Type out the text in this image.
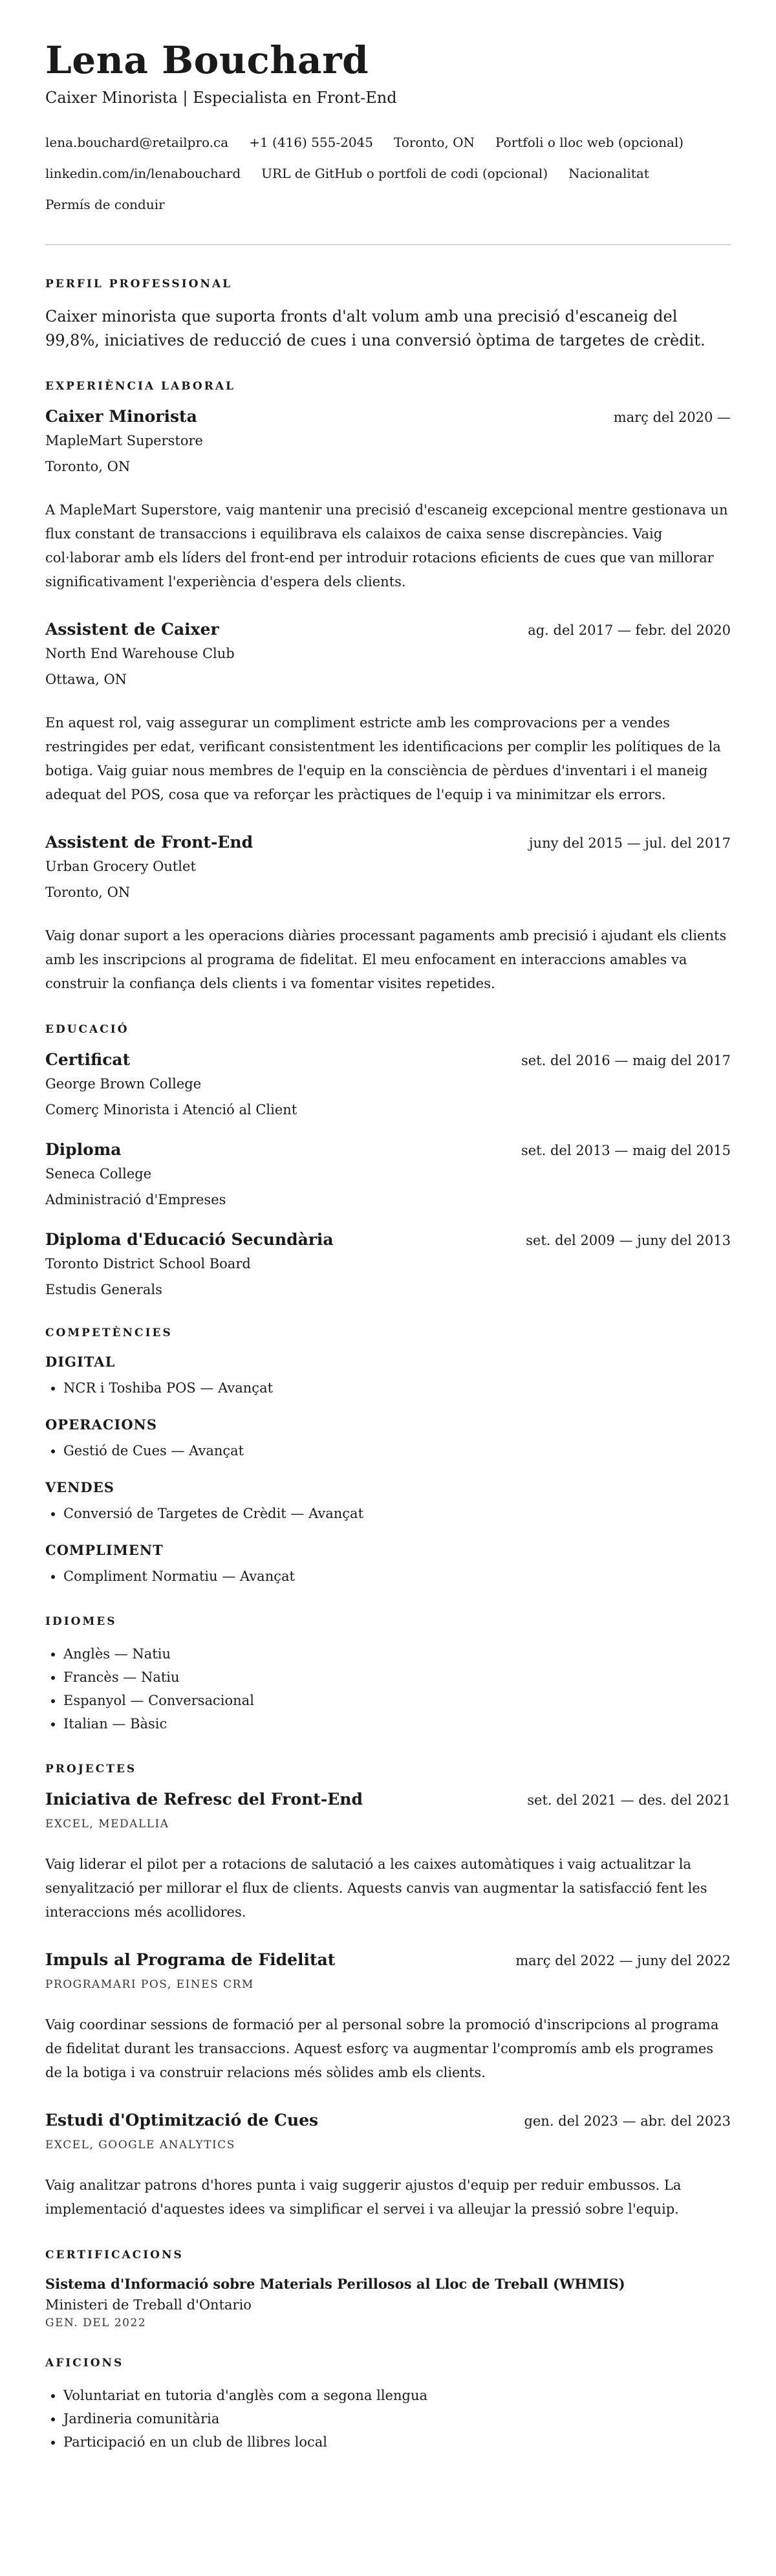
Lena Bouchard
Caixer Minorista | Especialista en Front-End
lena.bouchard@retailpro.ca +1 (416) 555-2045 Toronto, ON Portfoli o lloc web (opcional)
linkedin.com/in/lenabouchard URL de GitHub o portfoli de codi (opcional) Nacionalitat
Permís de conduir
PERFIL PROFESSIONAL

Caixer minorista que suporta fronts d'alt volum amb una precisió d'escaneig del 99,8%, iniciatives de reducció de cues i una conversió òptima de targetes de crèdit.

EXPERIÈNCIA LABORAL
Caixer Minorista	març del 2020 —
MapleMart Superstore
Toronto, ON

A MapleMart Superstore, vaig mantenir una precisió d'escaneig excepcional mentre gestionava un flux constant de transaccions i equilibrava els calaixos de caixa sense discrepàncies. Vaig col·laborar amb els líders del front-end per introduir rotacions eficients de cues que van millorar significativament l'experiència d'espera dels clients.

Assistent de Caixer	ag. del 2017 — febr. del 2020
North End Warehouse Club
Ottawa, ON

En aquest rol, vaig assegurar un compliment estricte amb les comprovacions per a vendes restringides per edat, verificant consistentment les identificacions per complir les polítiques de la botiga. Vaig guiar nous membres de l'equip en la consciència de pèrdues d'inventari i el maneig adequat del POS, cosa que va reforçar les pràctiques de l'equip i va minimitzar els errors.

Assistent de Front-End	juny del 2015 — jul. del 2017
Urban Grocery Outlet
Toronto, ON

Vaig donar suport a les operacions diàries processant pagaments amb precisió i ajudant els clients amb les inscripcions al programa de fidelitat. El meu enfocament en interaccions amables va construir la confiança dels clients i va fomentar visites repetides.

EDUCACIÓ
Certificat	set. del 2016 — maig del 2017
George Brown College
Comerç Minorista i Atenció al Client
Diploma	set. del 2013 — maig del 2015
Seneca College
Administració d'Empreses
Diploma d'Educació Secundària	set. del 2009 — juny del 2013
Toronto District School Board
Estudis Generals
COMPETÈNCIES
DIGITAL
• NCR i Toshiba POS — Avançat
OPERACIONS
• Gestió de Cues — Avançat
VENDES
• Conversió de Targetes de Crèdit — Avançat
COMPLIMENT
• Compliment Normatiu — Avançat
IDIOMES
• Anglès — Natiu
• Francès — Natiu
• Espanyol — Conversacional
• Italian — Bàsic
PROJECTES
Iniciativa de Refresc del Front-End	set. del 2021 — des. del 2021
EXCEL, MEDALLIA

Vaig liderar el pilot per a rotacions de salutació a les caixes automàtiques i vaig actualitzar la senyalització per millorar el flux de clients. Aquests canvis van augmentar la satisfacció fent les interaccions més acollidores.

Impuls al Programa de Fidelitat	març del 2022 — juny del 2022
PROGRAMARI POS, EINES CRM

Vaig coordinar sessions de formació per al personal sobre la promoció d'inscripcions al programa de fidelitat durant les transaccions. Aquest esforç va augmentar l'compromís amb els programes de la botiga i va construir relacions més sòlides amb els clients.

Estudi d'Optimització de Cues	gen. del 2023 — abr. del 2023
EXCEL, GOOGLE ANALYTICS

Vaig analitzar patrons d'hores punta i vaig suggerir ajustos d'equip per reduir embussos. La implementació d'aquestes idees va simplificar el servei i va alleujar la pressió sobre l'equip.

CERTIFICACIONS
Sistema d'Informació sobre Materials Perillosos al Lloc de Treball (WHMIS)
Ministeri de Treball d'Ontario
GEN. DEL 2022
AFICIONS
• Voluntariat en tutoria d'anglès com a segona llengua
• Jardineria comunitària
• Participació en un club de llibres local
